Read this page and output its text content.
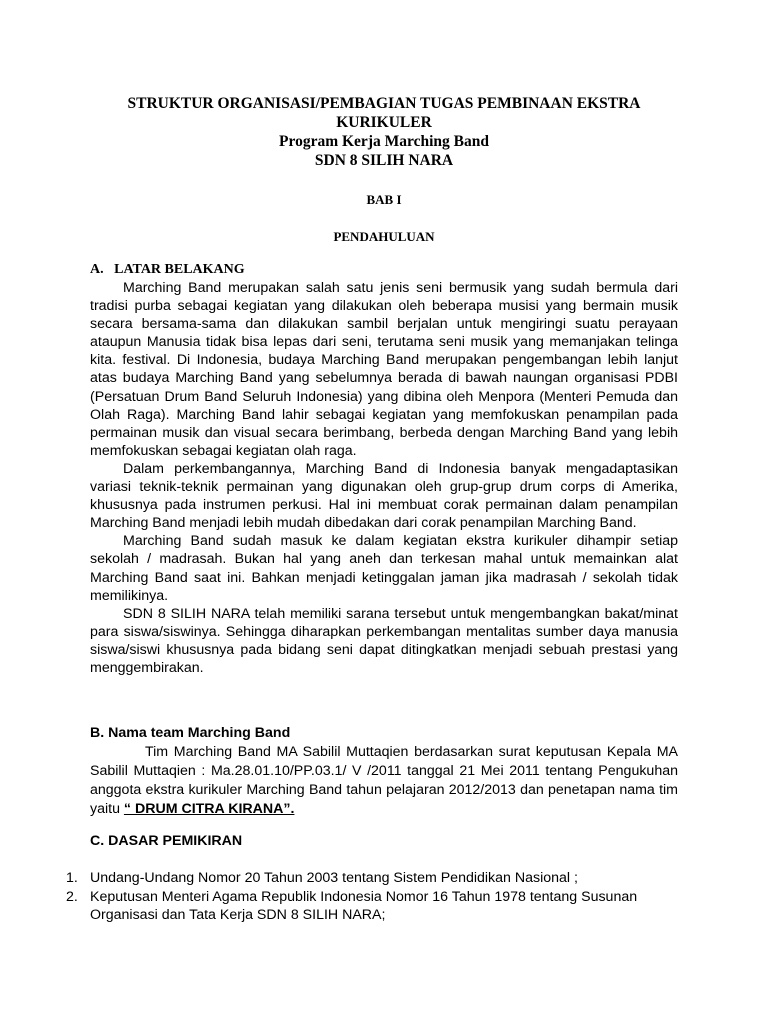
STRUKTUR ORGANISASI/PEMBAGIAN TUGAS PEMBINAAN EKSTRA
KURIKULER
Program Kerja Marching Band
SDN 8 SILIH NARA
BAB I
PENDAHULUAN
A.   LATAR BELAKANG

Marching Band merupakan salah satu jenis seni bermusik yang sudah bermula dari tradisi purba sebagai kegiatan yang dilakukan oleh beberapa musisi yang bermain musik secara bersama-sama dan dilakukan sambil berjalan untuk mengiringi suatu perayaan ataupun Manusia tidak bisa lepas dari seni, terutama seni musik yang memanjakan telinga kita. festival. Di Indonesia, budaya Marching Band merupakan pengembangan lebih lanjut atas budaya Marching Band yang sebelumnya berada di bawah naungan organisasi PDBI (Persatuan Drum Band Seluruh Indonesia) yang dibina oleh Menpora (Menteri Pemuda dan Olah Raga). Marching Band lahir sebagai kegiatan yang memfokuskan penampilan pada permainan musik dan visual secara berimbang, berbeda dengan Marching Band yang lebih memfokuskan sebagai kegiatan olah raga.

Dalam perkembangannya, Marching Band di Indonesia banyak mengadaptasikan variasi teknik-teknik permainan yang digunakan oleh grup-grup drum corps di Amerika, khususnya pada instrumen perkusi. Hal ini membuat corak permainan dalam penampilan Marching Band menjadi lebih mudah dibedakan dari corak penampilan Marching Band.

Marching Band sudah masuk ke dalam kegiatan ekstra kurikuler dihampir setiap sekolah / madrasah. Bukan hal yang aneh dan terkesan mahal untuk memainkan alat Marching Band saat ini. Bahkan menjadi ketinggalan jaman jika madrasah / sekolah tidak memilikinya.

SDN 8 SILIH NARA telah memiliki sarana tersebut untuk mengembangkan bakat/minat para siswa/siswinya. Sehingga diharapkan perkembangan mentalitas sumber daya manusia siswa/siswi khususnya pada bidang seni dapat ditingkatkan menjadi sebuah prestasi yang menggembirakan.

B. Nama team Marching Band

Tim Marching Band MA Sabilil Muttaqien berdasarkan surat keputusan Kepala MA Sabilil Muttaqien : Ma.28.01.10/PP.03.1/ V /2011 tanggal 21 Mei 2011 tentang Pengukuhan anggota ekstra kurikuler Marching Band tahun pelajaran 2012/2013 dan penetapan nama tim yaitu “ DRUM CITRA KIRANA”.

C. DASAR PEMIKIRAN
1. Undang-Undang Nomor 20 Tahun 2003 tentang Sistem Pendidikan Nasional ;
2. Keputusan Menteri Agama Republik Indonesia Nomor 16 Tahun 1978 tentang Susunan Organisasi dan Tata Kerja SDN 8 SILIH NARA;
